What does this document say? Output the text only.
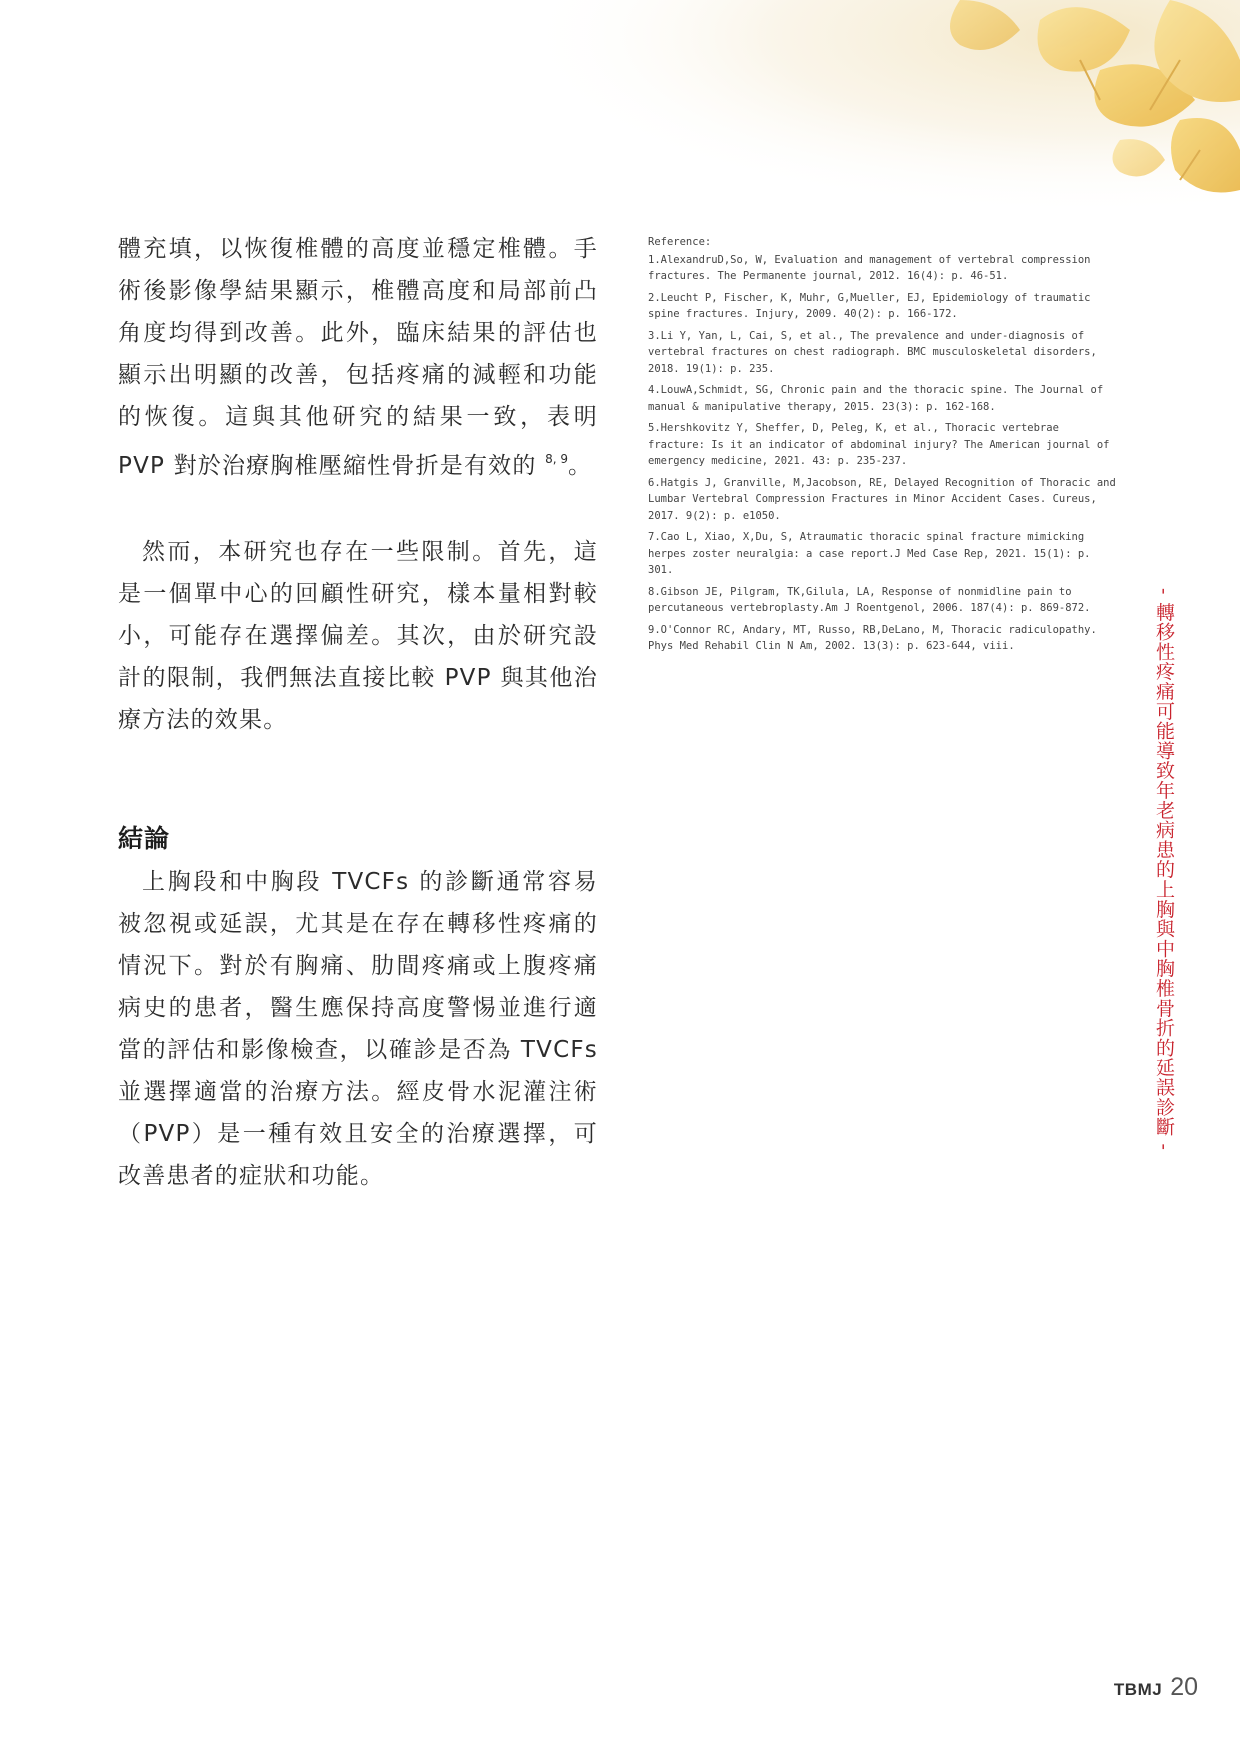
體充填，以恢復椎體的高度並穩定椎體。手術後影像學結果顯示，椎體高度和局部前凸角度均得到改善。此外，臨床結果的評估也顯示出明顯的改善，包括疼痛的減輕和功能的恢復。這與其他研究的結果一致，表明 PVP 對於治療胸椎壓縮性骨折是有效的 $^{8, 9}$。

然而，本研究也存在一些限制。首先，這是一個單中心的回顧性研究，樣本量相對較小，可能存在選擇偏差。其次，由於研究設計的限制，我們無法直接比較 PVP 與其他治療方法的效果。

結論

上胸段和中胸段 TVCFs 的診斷通常容易被忽視或延誤，尤其是在存在轉移性疼痛的情況下。對於有胸痛、肋間疼痛或上腹疼痛病史的患者，醫生應保持高度警惕並進行適當的評估和影像檢查，以確診是否為 TVCFs 並選擇適當的治療方法。經皮骨水泥灌注術（PVP）是一種有效且安全的治療選擇，可改善患者的症狀和功能。

Reference:

1.AlexandruD,So, W, Evaluation and management of vertebral compression fractures. The Permanente journal, 2012. 16(4): p. 46-51.

2.Leucht P, Fischer, K, Muhr, G,Mueller, EJ, Epidemiology of traumatic spine fractures. Injury, 2009. 40(2): p. 166-172.

3.Li Y, Yan, L, Cai, S, et al., The prevalence and under-diagnosis of vertebral fractures on chest radiograph. BMC musculoskeletal disorders, 2018. 19(1): p. 235.

4.LouwA,Schmidt, SG, Chronic pain and the thoracic spine. The Journal of manual & manipulative therapy, 2015. 23(3): p. 162-168.

5.Hershkovitz Y, Sheffer, D, Peleg, K, et al., Thoracic vertebrae fracture: Is it an indicator of abdominal injury? The American journal of emergency medicine, 2021. 43: p. 235-237.

6.Hatgis J, Granville, M,Jacobson, RE, Delayed Recognition of Thoracic and Lumbar Vertebral Compression Fractures in Minor Accident Cases. Cureus, 2017. 9(2): p. e1050.

7.Cao L, Xiao, X,Du, S, Atraumatic thoracic spinal fracture mimicking herpes zoster neuralgia: a case report.J Med Case Rep, 2021. 15(1): p. 301.

8.Gibson JE, Pilgram, TK,Gilula, LA, Response of nonmidline pain to percutaneous vertebroplasty.Am J Roentgenol, 2006. 187(4): p. 869-872.

9.O'Connor RC, Andary, MT, Russo, RB,DeLano, M, Thoracic radiculopathy. Phys Med Rehabil Clin N Am, 2002. 13(3): p. 623-644, viii.	- 轉移性疼痛可能導致年老病患的上胸與中胸椎骨折的延誤診斷 -
TBMJ 20
